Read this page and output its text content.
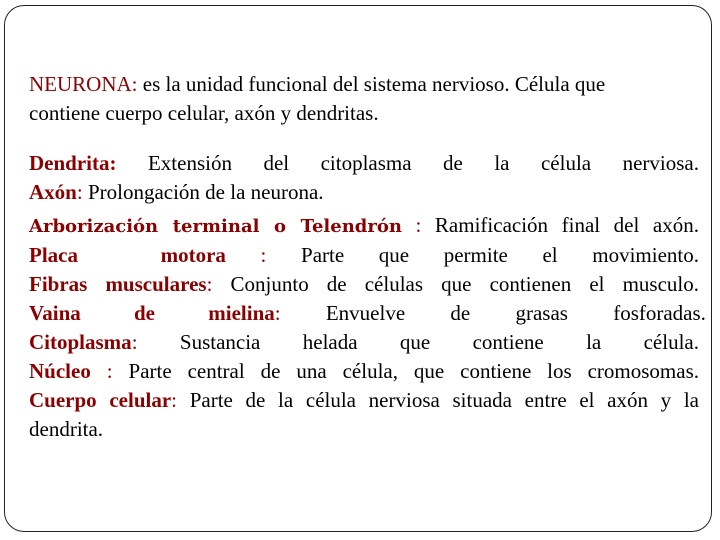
NEURONA: es la unidad funcional del sistema nervioso. Célula que
contiene cuerpo celular, axón y dendritas.

Dendrita: Extensión del citoplasma de la célula nerviosa.
Axón: Prolongación de la neurona.
Arborización terminal o Telendrón : Ramificación final del axón.
Placa motora : Parte que permite el movimiento.
Fibras musculares: Conjunto de células que contienen el musculo.
Vaina de mielina: Envuelve de grasas fosforadas.
Citoplasma: Sustancia helada que contiene la célula.
Núcleo : Parte central de una célula, que contiene los cromosomas.
Cuerpo celular: Parte de la célula nerviosa situada entre el axón y la
dendrita.
